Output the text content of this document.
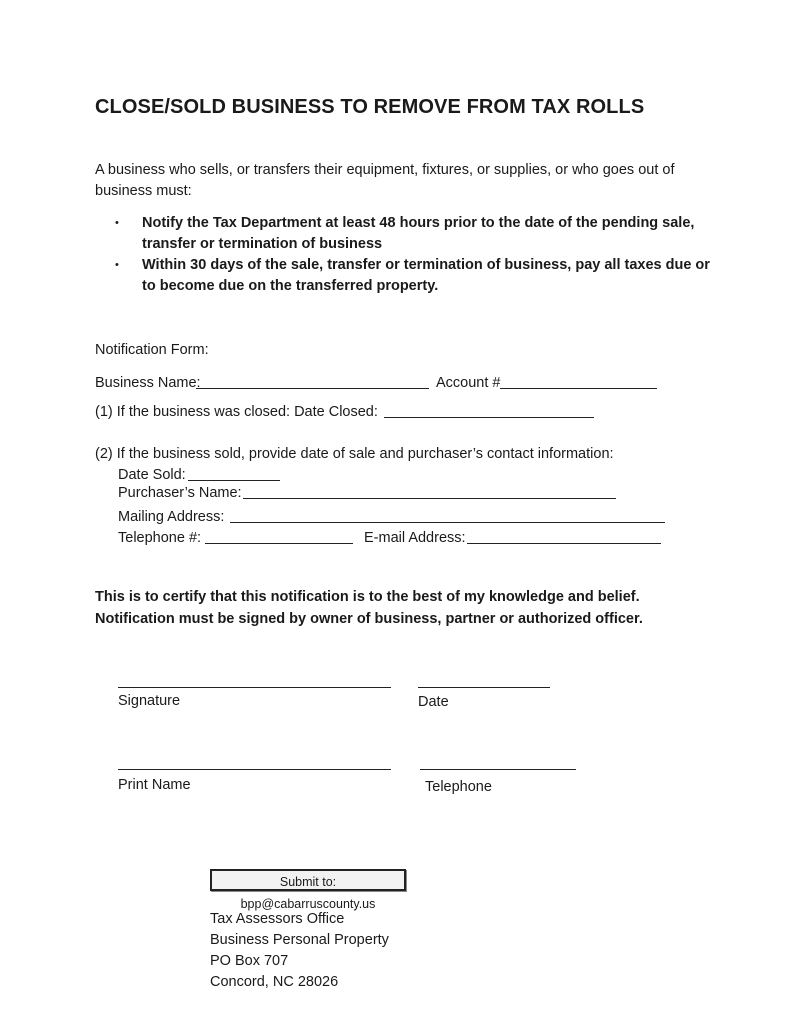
CLOSE/SOLD BUSINESS TO REMOVE FROM TAX ROLLS
A business who sells, or transfers their equipment, fixtures, or supplies, or who goes out of business must:
• Notify the Tax Department at least 48 hours prior to the date of the pending sale, transfer or termination of business
• Within 30 days of the sale, transfer or termination of business, pay all taxes due or to become due on the transferred property.
Notification Form:
Business Name:	Account #
(1) If the business was closed: Date Closed:
(2) If the business sold, provide date of sale and purchaser’s contact information:
Date Sold:
Purchaser’s Name:
Mailing Address:
Telephone #:	E-mail Address:
This is to certify that this notification is to the best of my knowledge and belief. Notification must be signed by owner of business, partner or authorized officer.
Signature	Date
Print Name	Telephone
Submit to: bpp@cabarruscounty.us
Tax Assessors Office
Business Personal Property
PO Box 707
Concord, NC 28026
